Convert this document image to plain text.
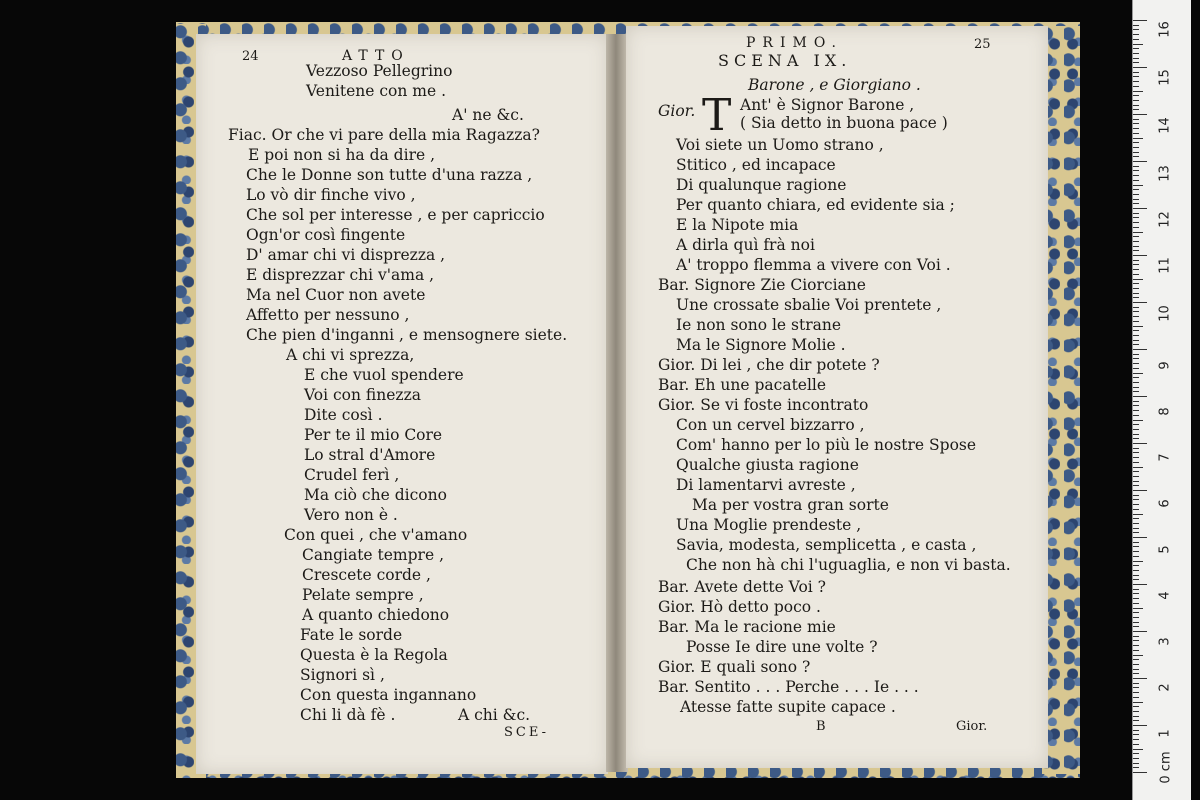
24	ATTO
Vezzoso Pellegrino
Venitene con me .
A' ne &c.
Fiac. Or che vi pare della mia Ragazza?
E poi non si ha da dire ,
Che le Donne son tutte d'una razza ,
Lo vò dir finche vivo ,
Che sol per interesse , e per capriccio
Ogn'or così fingente
D' amar chi vi disprezza ,
E disprezzar chi v'ama ,
Ma nel Cuor non avete
Affetto per nessuno ,
Che pien d'inganni , e mensognere siete.
A chi vi sprezza,
E che vuol spendere
Voi con finezza
Dite così .
Per te il mio Core
Lo stral d'Amore
Crudel ferì ,
Ma ciò che dicono
Vero non è .
Con quei , che v'amano
Cangiate tempre ,
Crescete corde ,
Pelate sempre ,
A quanto chiedono
Fate le sorde
Questa è la Regola
Signori sì ,
Con questa ingannano
Chi li dà fè .	A chi &c.
SCE-
PRIMO.	25
SCENA IX.
Barone , e Giorgiano .
Gior. T Ant' è Signor Barone ,
( Sia detto in buona pace )
Voi siete un Uomo strano ,
Stitico , ed incapace
Di qualunque ragione
Per quanto chiara, ed evidente sia ;
E la Nipote mia
A dirla quì frà noi
A' troppo flemma a vivere con Voi .
Bar. Signore Zie Ciorciane
Une crossate sbalie Voi prentete ,
Ie non sono le strane
Ma le Signore Molie .
Gior. Di lei , che dir potete ?
Bar. Eh une pacatelle
Gior. Se vi foste incontrato
Con un cervel bizzarro ,
Com' hanno per lo più le nostre Spose
Qualche giusta ragione
Di lamentarvi avreste ,
Ma per vostra gran sorte
Una Moglie prendeste ,
Savia, modesta, semplicetta , e casta ,
Che non hà chi l'uguaglia, e non vi basta.
Bar. Avete dette Voi ?
Gior. Hò detto poco .
Bar. Ma le racione mie
Posse Ie dire une volte ?
Gior. E quali sono ?
Bar. Sentito . . . Perche . . . Ie . . .
Atesse fatte supite capace .
B	Gior.
0 cm
1
2
3
4
5
6
7
8
9
10
11
12
13
14
15
16
